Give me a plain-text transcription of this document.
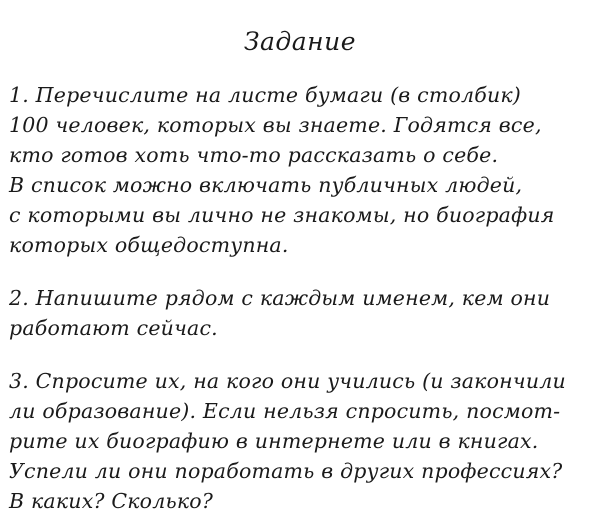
Задание
1. Перечислите на листе бумаги (в столбик)
100 человек, которых вы знаете. Годятся все,
кто готов хоть что-то рассказать о себе.
В список можно включать публичных людей,
с которыми вы лично не знакомы, но биография
которых общедоступна.
2. Напишите рядом с каждым именем, кем они
работают сейчас.
3. Спросите их, на кого они учились (и закончили
ли образование). Если нельзя спросить, посмот-
рите их биографию в интернете или в книгах.
Успели ли они поработать в других профессиях?
В каких? Сколько?
